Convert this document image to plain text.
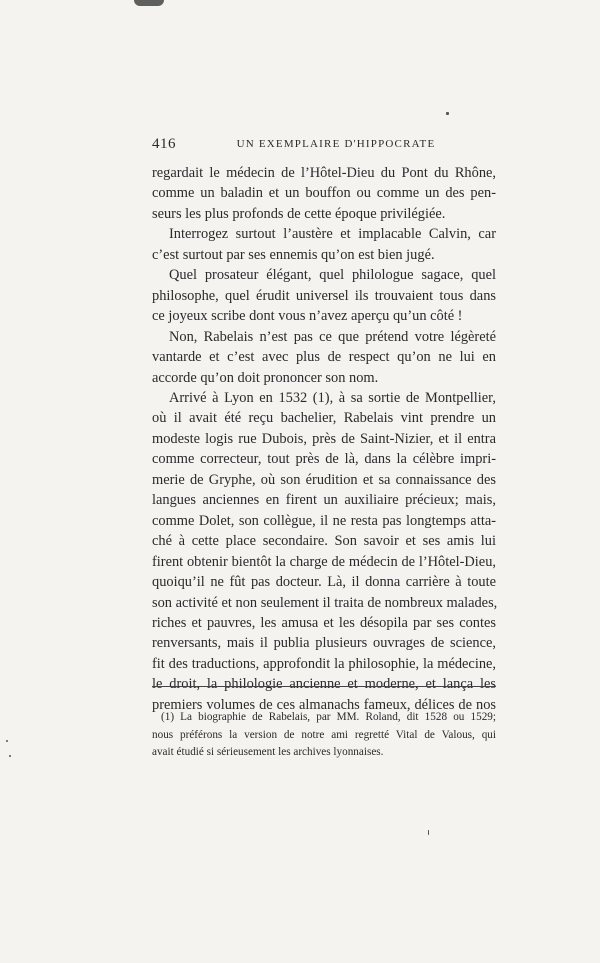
416	UN EXEMPLAIRE D'HIPPOCRATE
regardait le médecin de l’Hôtel-Dieu du Pont du Rhône,
comme un baladin et un bouffon ou comme un des pen-
seurs les plus profonds de cette époque privilégiée.
Interrogez surtout l’austère et implacable Calvin, car
c’est surtout par ses ennemis qu’on est bien jugé.
Quel prosateur élégant, quel philologue sagace, quel
philosophe, quel érudit universel ils trouvaient tous dans
ce joyeux scribe dont vous n’avez aperçu qu’un côté !
Non, Rabelais n’est pas ce que prétend votre légèreté
vantarde et c’est avec plus de respect qu’on ne lui en
accorde qu’on doit prononcer son nom.
Arrivé à Lyon en 1532 (1), à sa sortie de Montpellier,
où il avait été reçu bachelier, Rabelais vint prendre un
modeste logis rue Dubois, près de Saint-Nizier, et il entra
comme correcteur, tout près de là, dans la célèbre impri-
merie de Gryphe, où son érudition et sa connaissance des
langues anciennes en firent un auxiliaire précieux; mais,
comme Dolet, son collègue, il ne resta pas longtemps atta-
ché à cette place secondaire. Son savoir et ses amis lui
firent obtenir bientôt la charge de médecin de l’Hôtel-Dieu,
quoiqu’il ne fût pas docteur. Là, il donna carrière à toute
son activité et non seulement il traita de nombreux malades,
riches et pauvres, les amusa et les désopila par ses contes
renversants, mais il publia plusieurs ouvrages de science,
fit des traductions, approfondit la philosophie, la médecine,
le droit, la philologie ancienne et moderne, et lança les
premiers volumes de ces almanachs fameux, délices de nos
(1) La biographie de Rabelais, par MM. Roland, dit 1528 ou 1529;
nous préférons la version de notre ami regretté Vital de Valous, qui
avait étudié si sérieusement les archives lyonnaises.
